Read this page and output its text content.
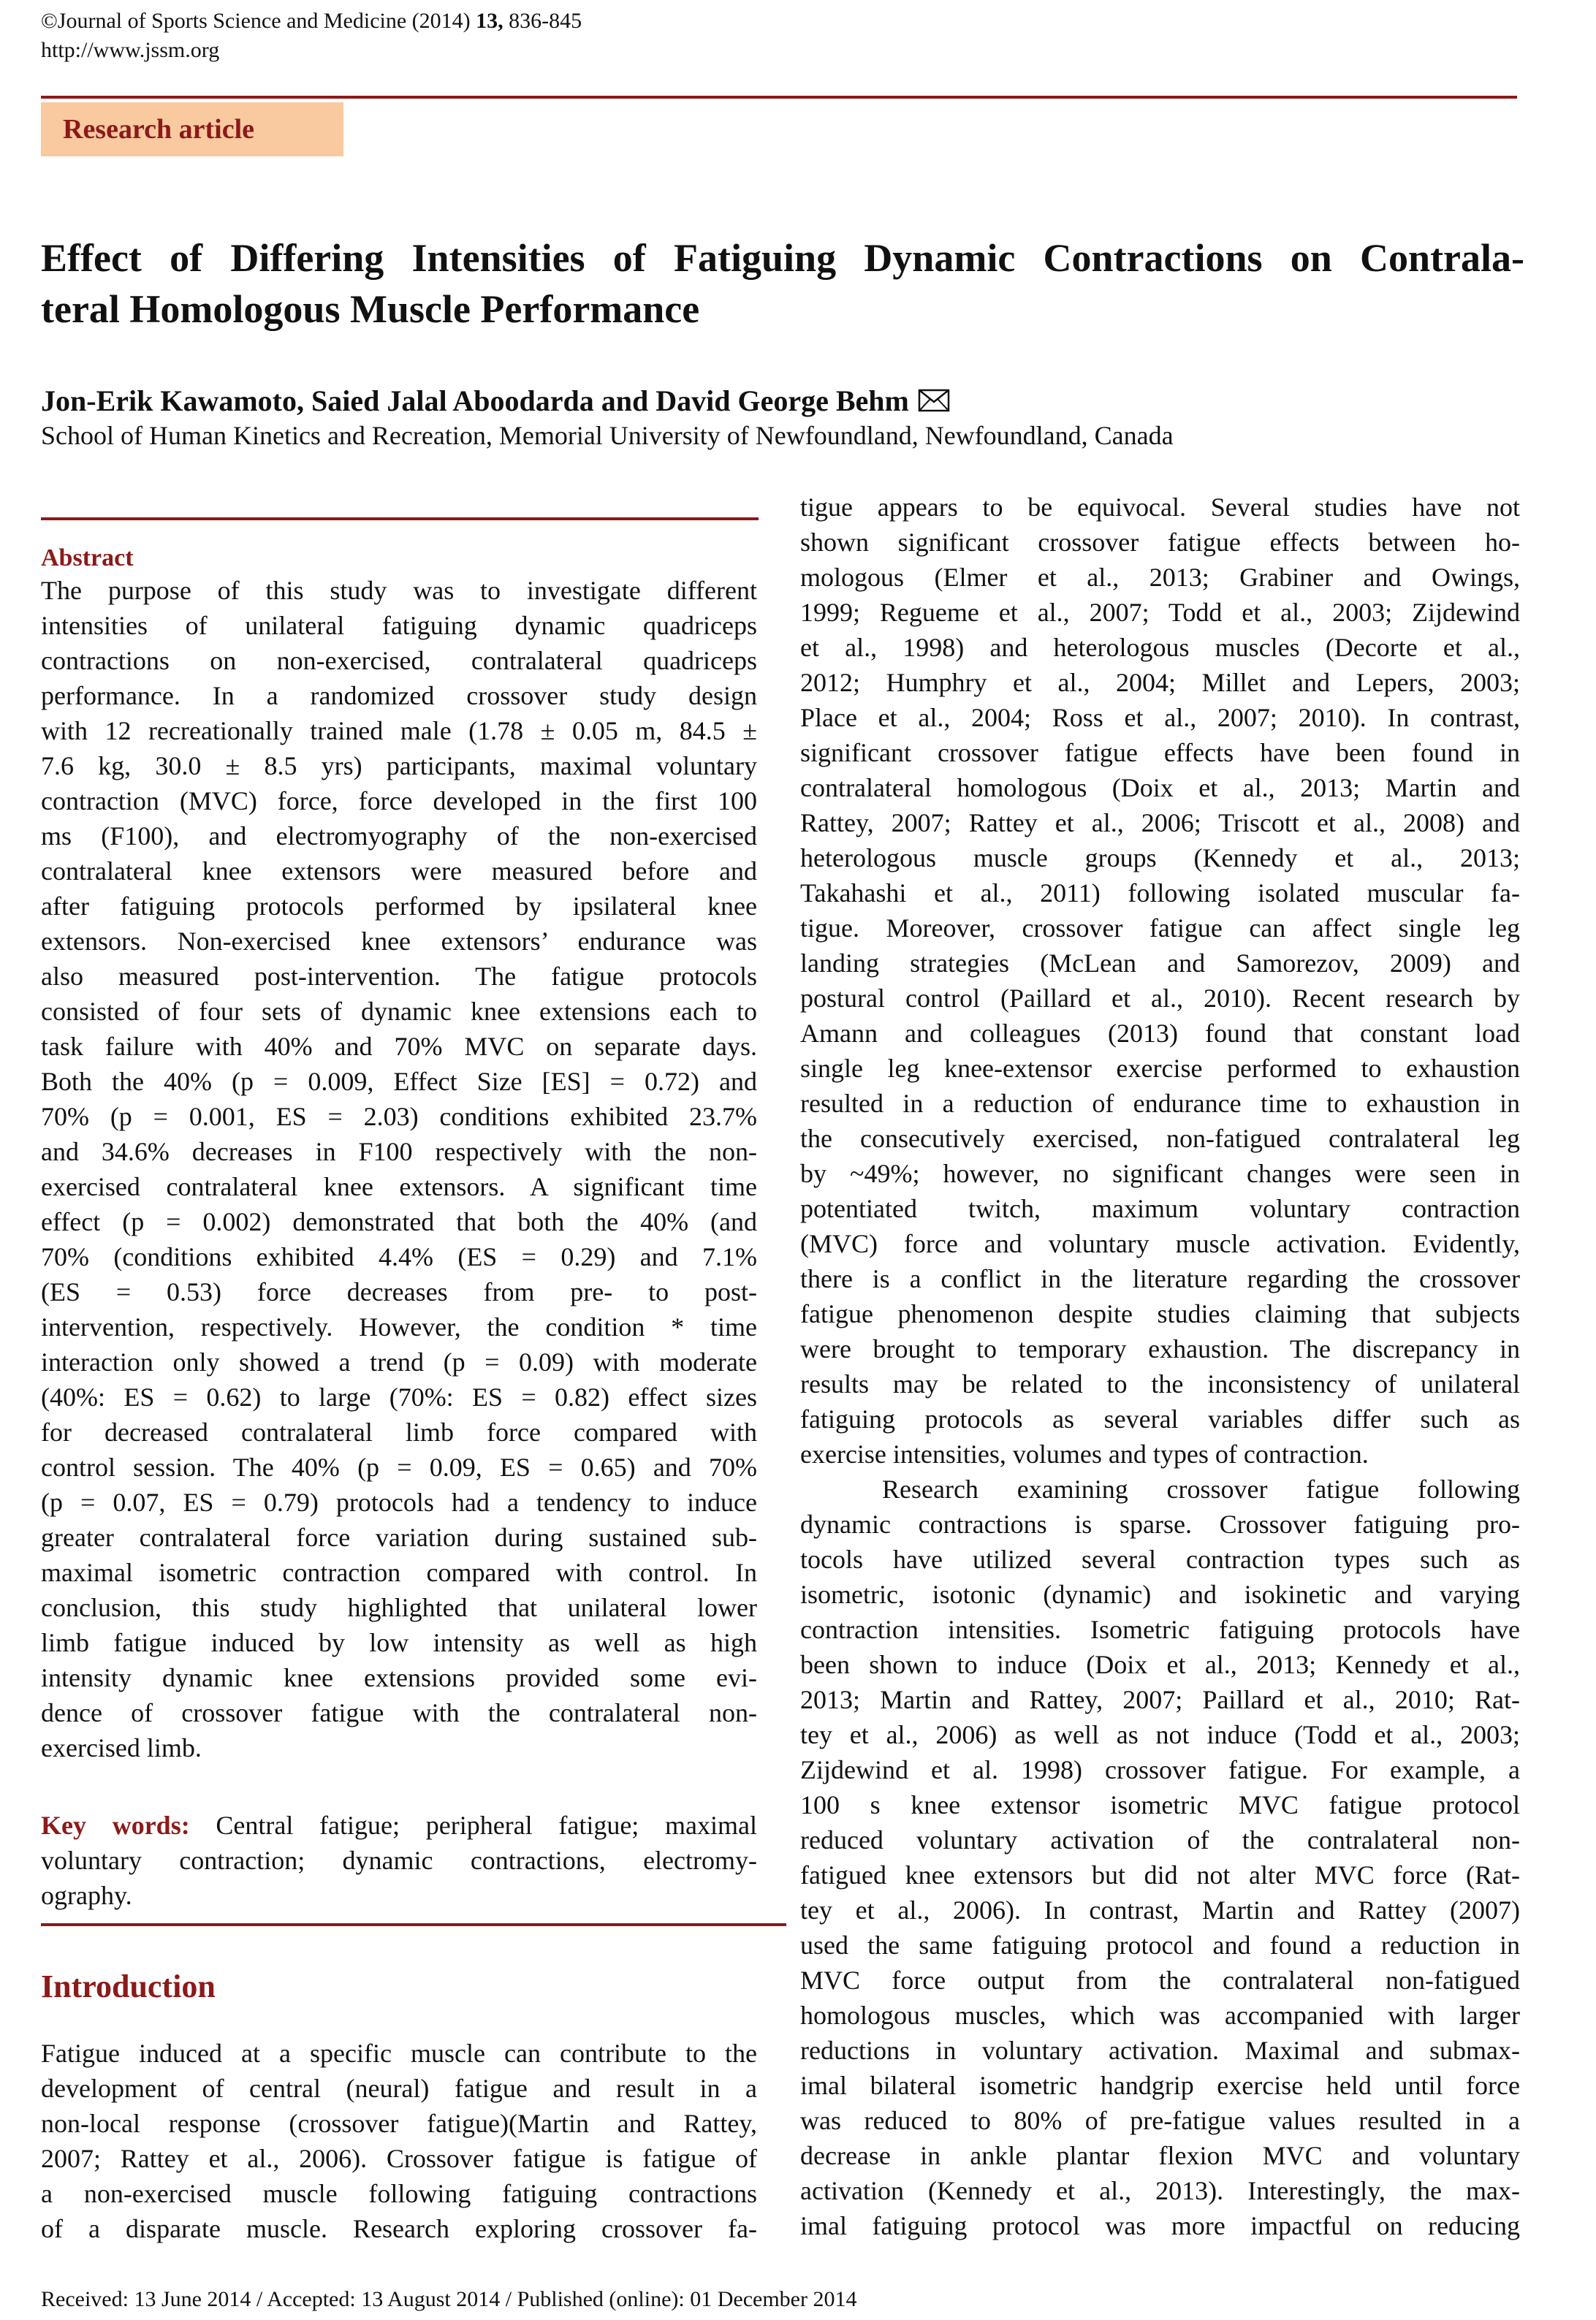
©Journal of Sports Science and Medicine (2014) 13, 836-845
http://www.jssm.org
Research article
Effect of Differing Intensities of Fatiguing Dynamic Contractions on Contrala-
teral Homologous Muscle Performance
Jon-Erik Kawamoto, Saied Jalal Aboodarda and David George Behm
School of Human Kinetics and Recreation, Memorial University of Newfoundland, Newfoundland, Canada
Abstract
The purpose of this study was to investigate different
intensities of unilateral fatiguing dynamic quadriceps
contractions on non-exercised, contralateral quadriceps
performance. In a randomized crossover study design
with 12 recreationally trained male (1.78 ± 0.05 m, 84.5 ±
7.6 kg, 30.0 ± 8.5 yrs) participants, maximal voluntary
contraction (MVC) force, force developed in the first 100
ms (F100), and electromyography of the non-exercised
contralateral knee extensors were measured before and
after fatiguing protocols performed by ipsilateral knee
extensors. Non-exercised knee extensors’ endurance was
also measured post-intervention. The fatigue protocols
consisted of four sets of dynamic knee extensions each to
task failure with 40% and 70% MVC on separate days.
Both the 40% (p = 0.009, Effect Size [ES] = 0.72) and
70% (p = 0.001, ES = 2.03) conditions exhibited 23.7%
and 34.6% decreases in F100 respectively with the non-
exercised contralateral knee extensors. A significant time
effect (p = 0.002) demonstrated that both the 40% (and
70% (conditions exhibited 4.4% (ES = 0.29) and 7.1%
(ES = 0.53) force decreases from pre- to post-
intervention, respectively. However, the condition * time
interaction only showed a trend (p = 0.09) with moderate
(40%: ES = 0.62) to large (70%: ES = 0.82) effect sizes
for decreased contralateral limb force compared with
control session. The 40% (p = 0.09, ES = 0.65) and 70%
(p = 0.07, ES = 0.79) protocols had a tendency to induce
greater contralateral force variation during sustained sub-
maximal isometric contraction compared with control. In
conclusion, this study highlighted that unilateral lower
limb fatigue induced by low intensity as well as high
intensity dynamic knee extensions provided some evi-
dence of crossover fatigue with the contralateral non-
exercised limb.
Key words: Central fatigue; peripheral fatigue; maximal
voluntary contraction; dynamic contractions, electromy-
ography.
Introduction
Fatigue induced at a specific muscle can contribute to the
development of central (neural) fatigue and result in a
non-local response (crossover fatigue)(Martin and Rattey,
2007; Rattey et al., 2006). Crossover fatigue is fatigue of
a non-exercised muscle following fatiguing contractions
of a disparate muscle. Research exploring crossover fa-
tigue appears to be equivocal. Several studies have not
shown significant crossover fatigue effects between ho-
mologous (Elmer et al., 2013; Grabiner and Owings,
1999; Regueme et al., 2007; Todd et al., 2003; Zijdewind
et al., 1998) and heterologous muscles (Decorte et al.,
2012; Humphry et al., 2004; Millet and Lepers, 2003;
Place et al., 2004; Ross et al., 2007; 2010). In contrast,
significant crossover fatigue effects have been found in
contralateral homologous (Doix et al., 2013; Martin and
Rattey, 2007; Rattey et al., 2006; Triscott et al., 2008) and
heterologous muscle groups (Kennedy et al., 2013;
Takahashi et al., 2011) following isolated muscular fa-
tigue. Moreover, crossover fatigue can affect single leg
landing strategies (McLean and Samorezov, 2009) and
postural control (Paillard et al., 2010). Recent research by
Amann and colleagues (2013) found that constant load
single leg knee-extensor exercise performed to exhaustion
resulted in a reduction of endurance time to exhaustion in
the consecutively exercised, non-fatigued contralateral leg
by ~49%; however, no significant changes were seen in
potentiated twitch, maximum voluntary contraction
(MVC) force and voluntary muscle activation. Evidently,
there is a conflict in the literature regarding the crossover
fatigue phenomenon despite studies claiming that subjects
were brought to temporary exhaustion. The discrepancy in
results may be related to the inconsistency of unilateral
fatiguing protocols as several variables differ such as
exercise intensities, volumes and types of contraction.
Research examining crossover fatigue following
dynamic contractions is sparse. Crossover fatiguing pro-
tocols have utilized several contraction types such as
isometric, isotonic (dynamic) and isokinetic and varying
contraction intensities. Isometric fatiguing protocols have
been shown to induce (Doix et al., 2013; Kennedy et al.,
2013; Martin and Rattey, 2007; Paillard et al., 2010; Rat-
tey et al., 2006) as well as not induce (Todd et al., 2003;
Zijdewind et al. 1998) crossover fatigue. For example, a
100 s knee extensor isometric MVC fatigue protocol
reduced voluntary activation of the contralateral non-
fatigued knee extensors but did not alter MVC force (Rat-
tey et al., 2006). In contrast, Martin and Rattey (2007)
used the same fatiguing protocol and found a reduction in
MVC force output from the contralateral non-fatigued
homologous muscles, which was accompanied with larger
reductions in voluntary activation. Maximal and submax-
imal bilateral isometric handgrip exercise held until force
was reduced to 80% of pre-fatigue values resulted in a
decrease in ankle plantar flexion MVC and voluntary
activation (Kennedy et al., 2013). Interestingly, the max-
imal fatiguing protocol was more impactful on reducing
Received: 13 June 2014 / Accepted: 13 August 2014 / Published (online): 01 December 2014
